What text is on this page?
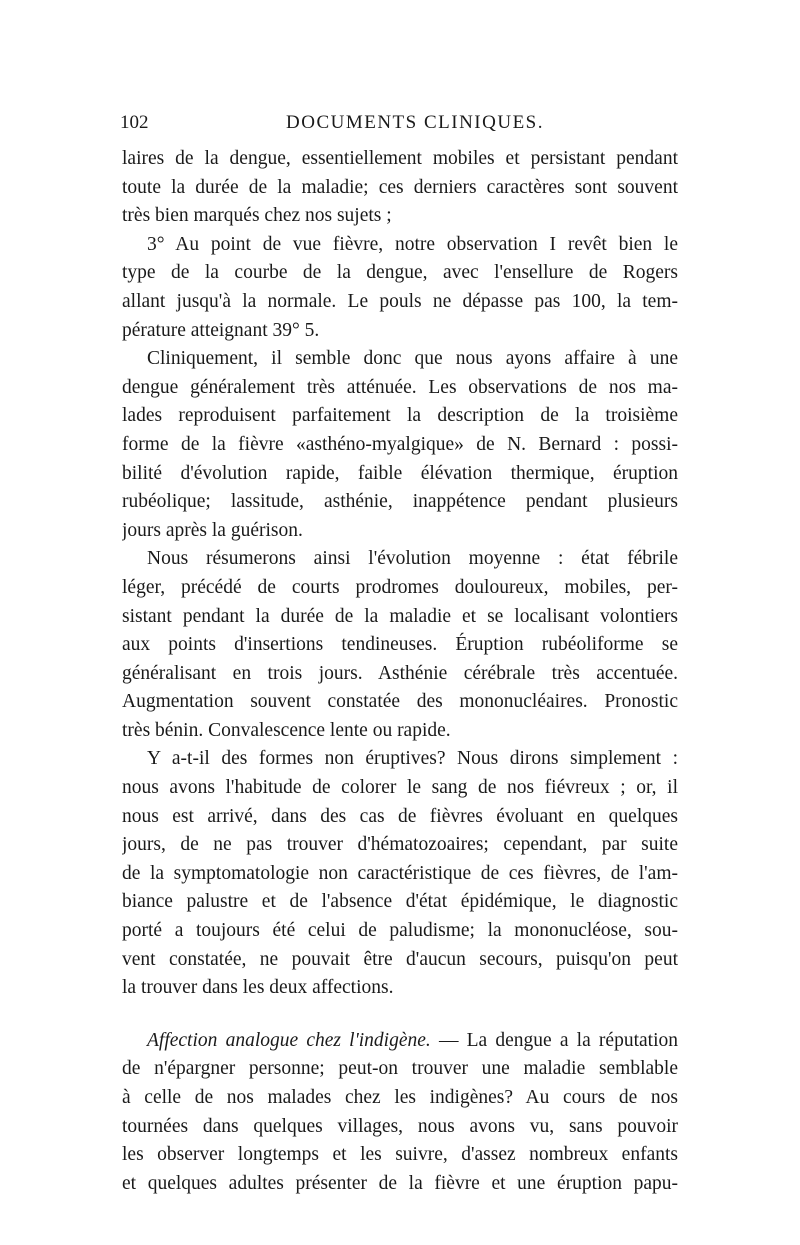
102	DOCUMENTS CLINIQUES.
laires de la dengue, essentiellement mobiles et persistant pendant
toute la durée de la maladie; ces derniers caractères sont souvent
très bien marqués chez nos sujets ;
3° Au point de vue fièvre, notre observation I revêt bien le
type de la courbe de la dengue, avec l'ensellure de Rogers
allant jusqu'à la normale. Le pouls ne dépasse pas 100, la tem-
pérature atteignant 39° 5.
Cliniquement, il semble donc que nous ayons affaire à une
dengue généralement très atténuée. Les observations de nos ma-
lades reproduisent parfaitement la description de la troisième
forme de la fièvre «asthéno-myalgique» de N. Bernard : possi-
bilité d'évolution rapide, faible élévation thermique, éruption
rubéolique; lassitude, asthénie, inappétence pendant plusieurs
jours après la guérison.
Nous résumerons ainsi l'évolution moyenne : état fébrile
léger, précédé de courts prodromes douloureux, mobiles, per-
sistant pendant la durée de la maladie et se localisant volontiers
aux points d'insertions tendineuses. Éruption rubéoliforme se
généralisant en trois jours. Asthénie cérébrale très accentuée.
Augmentation souvent constatée des mononucléaires. Pronostic
très bénin. Convalescence lente ou rapide.
Y a-t-il des formes non éruptives? Nous dirons simplement :
nous avons l'habitude de colorer le sang de nos fiévreux ; or, il
nous est arrivé, dans des cas de fièvres évoluant en quelques
jours, de ne pas trouver d'hématozoaires; cependant, par suite
de la symptomatologie non caractéristique de ces fièvres, de l'am-
biance palustre et de l'absence d'état épidémique, le diagnostic
porté a toujours été celui de paludisme; la mononucléose, sou-
vent constatée, ne pouvait être d'aucun secours, puisqu'on peut
la trouver dans les deux affections.
Affection analogue chez l'indigène. — La dengue a la réputation
de n'épargner personne; peut-on trouver une maladie semblable
à celle de nos malades chez les indigènes? Au cours de nos
tournées dans quelques villages, nous avons vu, sans pouvoir
les observer longtemps et les suivre, d'assez nombreux enfants
et quelques adultes présenter de la fièvre et une éruption papu-
